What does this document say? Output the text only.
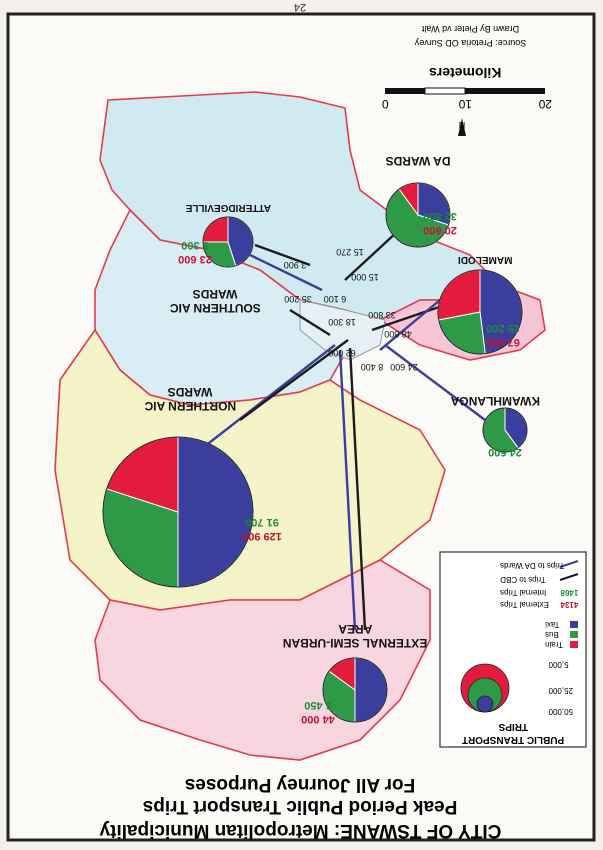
24
NORTHERN AIC
WARDS
SOUTHERN AIC
WARDS
ATTERIDGEVILLE
DA WARDS
MAMELODI
KWAMHLANGA
EXTERNAL SEMI-URBAN
AREA
129 900
91 700
23 600
5 300
20 600
32 800
67 000
15 200
24 600
44 000
6 450
3 900
15 270
15 000
6 100
35 200
33 800
18 300
48 800
62 000
8 400 24 600
PUBLIC TRANSPORT
TRIPS
50,000
25,000
5,000
Train
Bus
Taxi
4134
External Trips
1468
Internal Trips
Trips to CBD
Trips to DA Wards
Kilometers
0	10	20
N
Drawn By Pieter vd Walt
Source: Pretoria OD Survey
For All Journey Purposes
Peak Period Public Transport Trips
CITY OF TSWANE: Metropolitan Municipality
